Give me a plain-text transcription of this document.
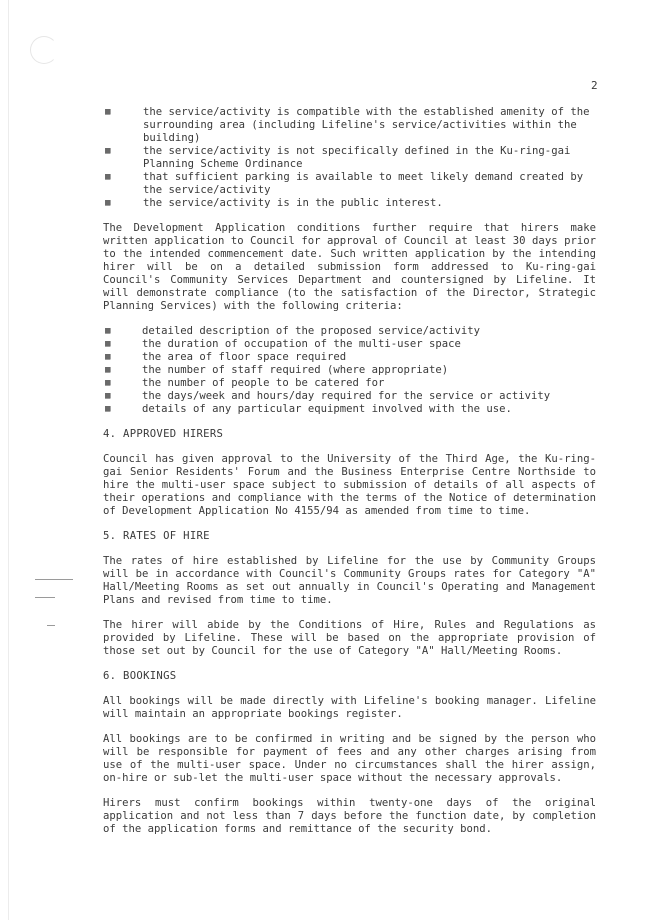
2
▦	the service/activity is compatible with the established amenity of the surrounding area (including Lifeline's service/activities within the building)
▦	the service/activity is not specifically defined in the Ku-ring-gai Planning Scheme Ordinance
▦	that sufficient parking is available to meet likely demand created by the service/activity
▦	the service/activity is in the public interest.

The Development Application conditions further require that hirers make written application to Council for approval of Council at least 30 days prior to the intended commencement date. Such written application by the intending hirer will be on a detailed submission form addressed to Ku-ring-gai Council's Community Services Department and countersigned by Lifeline. It will demonstrate compliance (to the satisfaction of the Director, Strategic Planning Services) with the following criteria:

▦	detailed description of the proposed service/activity
▦	the duration of occupation of the multi-user space
▦	the area of floor space required
▦	the number of staff required (where appropriate)
▦	the number of people to be catered for
▦	the days/week and hours/day required for the service or activity
▦	details of any particular equipment involved with the use.
4. APPROVED HIRERS

Council has given approval to the University of the Third Age, the Ku-ring-gai Senior Residents' Forum and the Business Enterprise Centre Northside to hire the multi-user space subject to submission of details of all aspects of their operations and compliance with the terms of the Notice of determination of Development Application No 4155/94 as amended from time to time.

5. RATES OF HIRE

The rates of hire established by Lifeline for the use by Community Groups will be in accordance with Council's Community Groups rates for Category "A" Hall/Meeting Rooms as set out annually in Council's Operating and Management Plans and revised from time to time.

The hirer will abide by the Conditions of Hire, Rules and Regulations as provided by Lifeline. These will be based on the appropriate provision of those set out by Council for the use of Category "A" Hall/Meeting Rooms.

6. BOOKINGS

All bookings will be made directly with Lifeline's booking manager. Lifeline will maintain an appropriate bookings register.

All bookings are to be confirmed in writing and be signed by the person who will be responsible for payment of fees and any other charges arising from use of the multi-user space. Under no circumstances shall the hirer assign, on-hire or sub-let the multi-user space without the necessary approvals.

Hirers must confirm bookings within twenty-one days of the original application and not less than 7 days before the function date, by completion of the application forms and remittance of the security bond.
